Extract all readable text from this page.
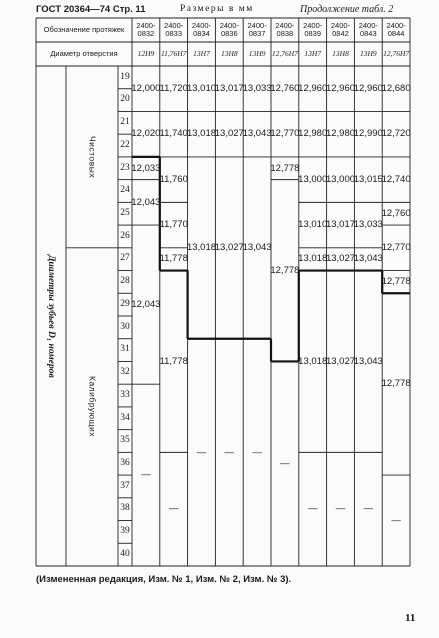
11
Продолжение табл. 2
Размеры в мм
Обозначение протяжек
Диаметр отверстия
2400-0832
12Н9
2400-0833
11,76Н7
2400-0834
13Н7
2400-0836
13Н8
2400-0837
13Н9
2400-0838
12,76Н7
2400-0839
13Н7
2400-0842
13Н8
2400-0843
13Н9
2400-0844
12,76Н7
19
20
21
22
23
24
25
26
27
28
29
30
31
32
33
34
35
36
37
38
39
40
Чистовых
Калибрующих
Диаметры зубьев D₁ номеров
12,000
12,020
12,033
12,043
12,043
—
11,720
11,740
11,760
11,770
11,778
11,778
—
13,010
13,018
13,018
—
13,017
13,027
13,027
—
13,033
13,043
13,043
—
12,760
12,770
12,778
12,778
—
12,960
12,980
13,000
13,010
13,018
13,018
—
12,960
12,980
13,000
13,017
13,027
13,027
—
12,960
12,990
13,015
13,033
13,043
13,043
—
12,680
12,720
12,740
12,760
12,770
12,778
12,778
—
(Измененная редакция, Изм. № 1, Изм. № 2, Изм. № 3).
ГОСТ 20364—74 Стр. 11
